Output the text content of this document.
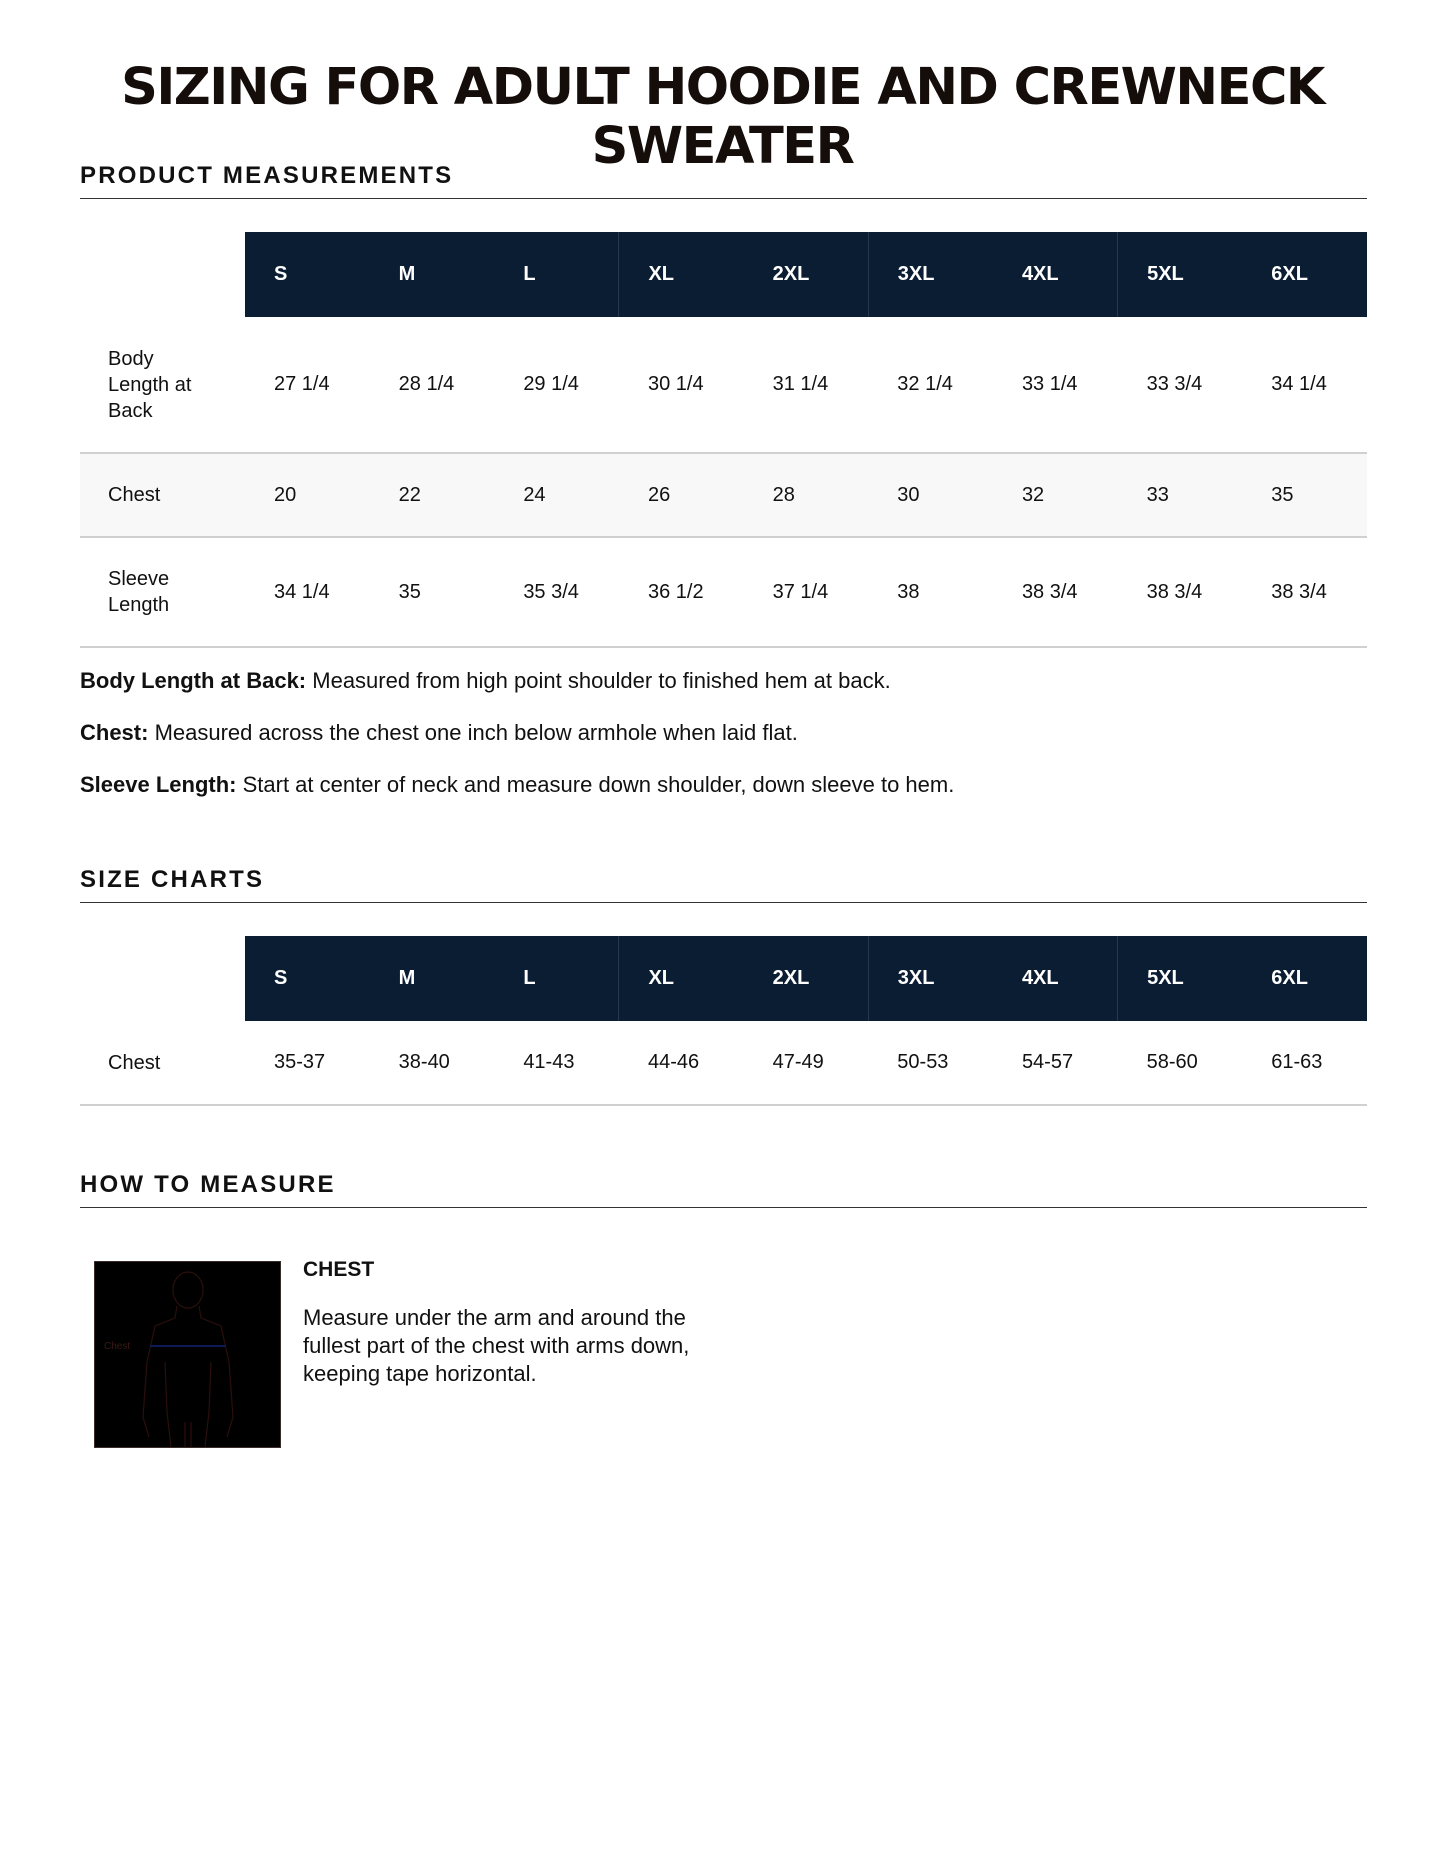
SIZING FOR ADULT HOODIE AND CREWNECK SWEATER
PRODUCT MEASUREMENTS
	S	M	L	XL	2XL	3XL	4XL	5XL	6XL

Body Length at Back	27 1/4	28 1/4	29 1/4	30 1/4	31 1/4	32 1/4	33 1/4	33 3/4	34 1/4
Chest	20	22	24	26	28	30	32	33	35

Sleeve Length	34 1/4	35	35 3/4	36 1/2	37 1/4	38	38 3/4	38 3/4	38 3/4

Body Length at Back: Measured from high point shoulder to finished hem at back.

Chest: Measured across the chest one inch below armhole when laid flat.

Sleeve Length: Start at center of neck and measure down shoulder, down sleeve to hem.

SIZE CHARTS
	S	M	L	XL	2XL	3XL	4XL	5XL	6XL
Chest	35-37	38-40	41-43	44-46	47-49	50-53	54-57	58-60	61-63
HOW TO MEASURE
Chest

CHEST

Measure under the arm and around the fullest part of the chest with arms down, keeping tape horizontal.
